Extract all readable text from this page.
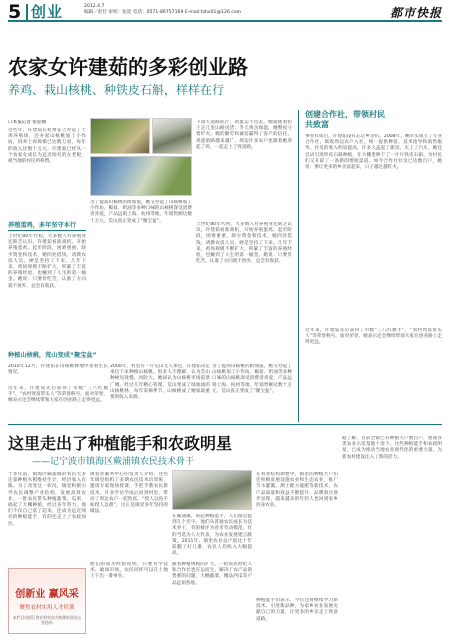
5 创业	2012.4.7
编辑／赵仕 审校：张迎 电话：0571-86757169 E-mail:tzhx01@126.com	都市快报
农家女许建茹的多彩创业路
养鸡、栽山核桃、种铁皮石斛，样样在行
口本报记者 张迎丽
这些年，许建茹在杭州安吉办起了土鸡养殖场，还办起山核桃加工小作坊，饲养土鸡规模已达数万羽，每年的收入达数十万元。许建茹已经从一个农家女成长为远近闻名的女老板，被当地的村民所称赞。
下雨天道路泥泞，鸡蛋运不出去，她就挑着担子走几里山路送货；冬天鸡舍保温，她整夜守着炉火。她的勤劳和诚信赢得了客户的信任，鸡蛋销路越来越广，周边许多农户也跟着她养起了鸡，一起走上了致富路。
养殖蛋鸡，多年坚守本行
上世纪80年代初，大多数人对养殖业还缺乏认识。许建茹看准商机，开始养殖蛋鸡。起步阶段，困难重重，缺少资金和技术，她四处借钱，请教农技人员，硬是坚持了下来。几年下来，鸡场规模不断扩大，积累了丰富的养殖经验，也赚到了人生的第一桶金。她说：只要肯吃苦，认准了方向就不放弃，总会有收获。
为了提高山核桃的附加值，她又办起了山核桃加工小作坊，椒盐、奶油等多种口味的山核桃深受消费者喜爱，产品远销上海、杭州等地，年销售额达数十万元，荒山真正变成了“聚宝盆”。
上世纪80年代初，大多数人对养殖业还缺乏认识。许建茹看准商机，开始养殖蛋鸡。起步阶段，困难重重，缺少资金和技术，她四处借钱，请教农技人员，硬是坚持了下来。几年下来，鸡场规模不断扩大，积累了丰富的养殖经验，也赚到了人生的第一桶金。她说：只要肯吃苦，认准了方向就不放弃，总会有收获。
种植山核桃，荒山变成“聚宝盆”
2010年12月，许建茹在山核桃林地中查看生长情况。
2000年，村里有一片荒山无人承包，许建茹决定承包下来种植山核桃。很多人不理解，认为荒山种树见效慢、风险大。她却认为山核桃市场前景广阔。经过几年精心管理，荒山变成了绿油油的山核桃林，每年采摘季节，山核桃成了她家最重要的收入来源。
为了提高山核桃的附加值，她又办起了山核桃加工小作坊，椒盐、奶油等多种口味的山核桃深受消费者喜爱，产品远销上海、杭州等地，年销售额达数十万元，荒山真正变成了“聚宝盆”。
近年来，许建茹先后获得了市级“三八红旗手”、“农村致富带头人”等荣誉称号。面对荣誉，她表示还会继续带领大家在创业路上走得更远。
创建合作社，带领村民共致富
事业有成后，许建茹没有忘记乡亲们。2008年，她牵头成立了专业合作社，吸收周边农户入社，统一提供种苗、技术指导和销售服务。社员的收入明显提高，许多人盖起了新房、买上了汽车。她还尝试引进铁皮石斛种植，在大棚里种下了一片片铁皮石斛，为村民们又开辟了一条新的增收渠道。如今合作社社员已达数百户，她说：要让更多的乡亲富起来，日子越过越红火。
近年来，许建茹先后获得了市级“三八红旗手”、“农村致富带头人”等荣誉称号。面对荣誉，她表示还会继续带领大家在创业路上走得更远。
这里走出了种植能手和农政明星
——记宁波市镇海区蕨浦镇农民技术骨干
十多年前，镇海区蕨浦镇的农民大多还靠种植水稻维持生计，经济收入有限。为了改变这一状况，镇里积极引导农民调整产业结构，发展高效农业。一批农民带头种植蔬菜、瓜果，搞起了大棚种植，经过多年努力，他们不仅自己富了起来，还成为远近闻名的种植能手，有的还走上了农政岗位。
镇农业服务中心的负责人介绍，这些年镇里组织了多期农民技术培训班，邀请专家现场授课，手把手教农民新技术。许多学员学成后回到村里，带动了周边农户一起致富。“授人以鱼不如授人以渔”，这正是镇里多年坚持的做法。
在蕨浦镇，说起种植能手，人们都会提到几个名字。他们从普通农民成长为技术骨干，有的被评为省市劳动模范，有的当选为人大代表，为农业发展建言献策。2011年，镇里农业总产值比十年前翻了好几番，农民人均收入大幅提高。
在农业结构调整中，镇里的种植大户们还积极发展设施农业和生态农业，推广节水灌溉、测土配方施肥等新技术，农产品质量和效益不断提升，品牌效应逐步显现，越来越多的年轻人也回到家乡投身农业。
据了解，目前全镇已有种植大户数百户，建成各类农业示范基地十余个。这些种植能手和农政明星，已成为推动当地农业现代化的重要力量，为新农村建设注入了新的活力。
他们的成功经验说明，只要肯学技术、敢闯市场，农民同样可以在土地上干出一番事业。
随着种植规模的扩大，一批农民经纪人和合作社也应运而生，解决了农产品销售难的问题，大棚蔬菜、精品西瓜等产品远销各地。
种植能手们表示，今后还将继续学习新技术、引进新品种，为家乡农业发展贡献自己的力量，让更多的乡亲走上致富道路。
创新业 赢风采
聚焦农村实用人才培训
本栏目由浙江省农村劳动力转移培训办公室协办
